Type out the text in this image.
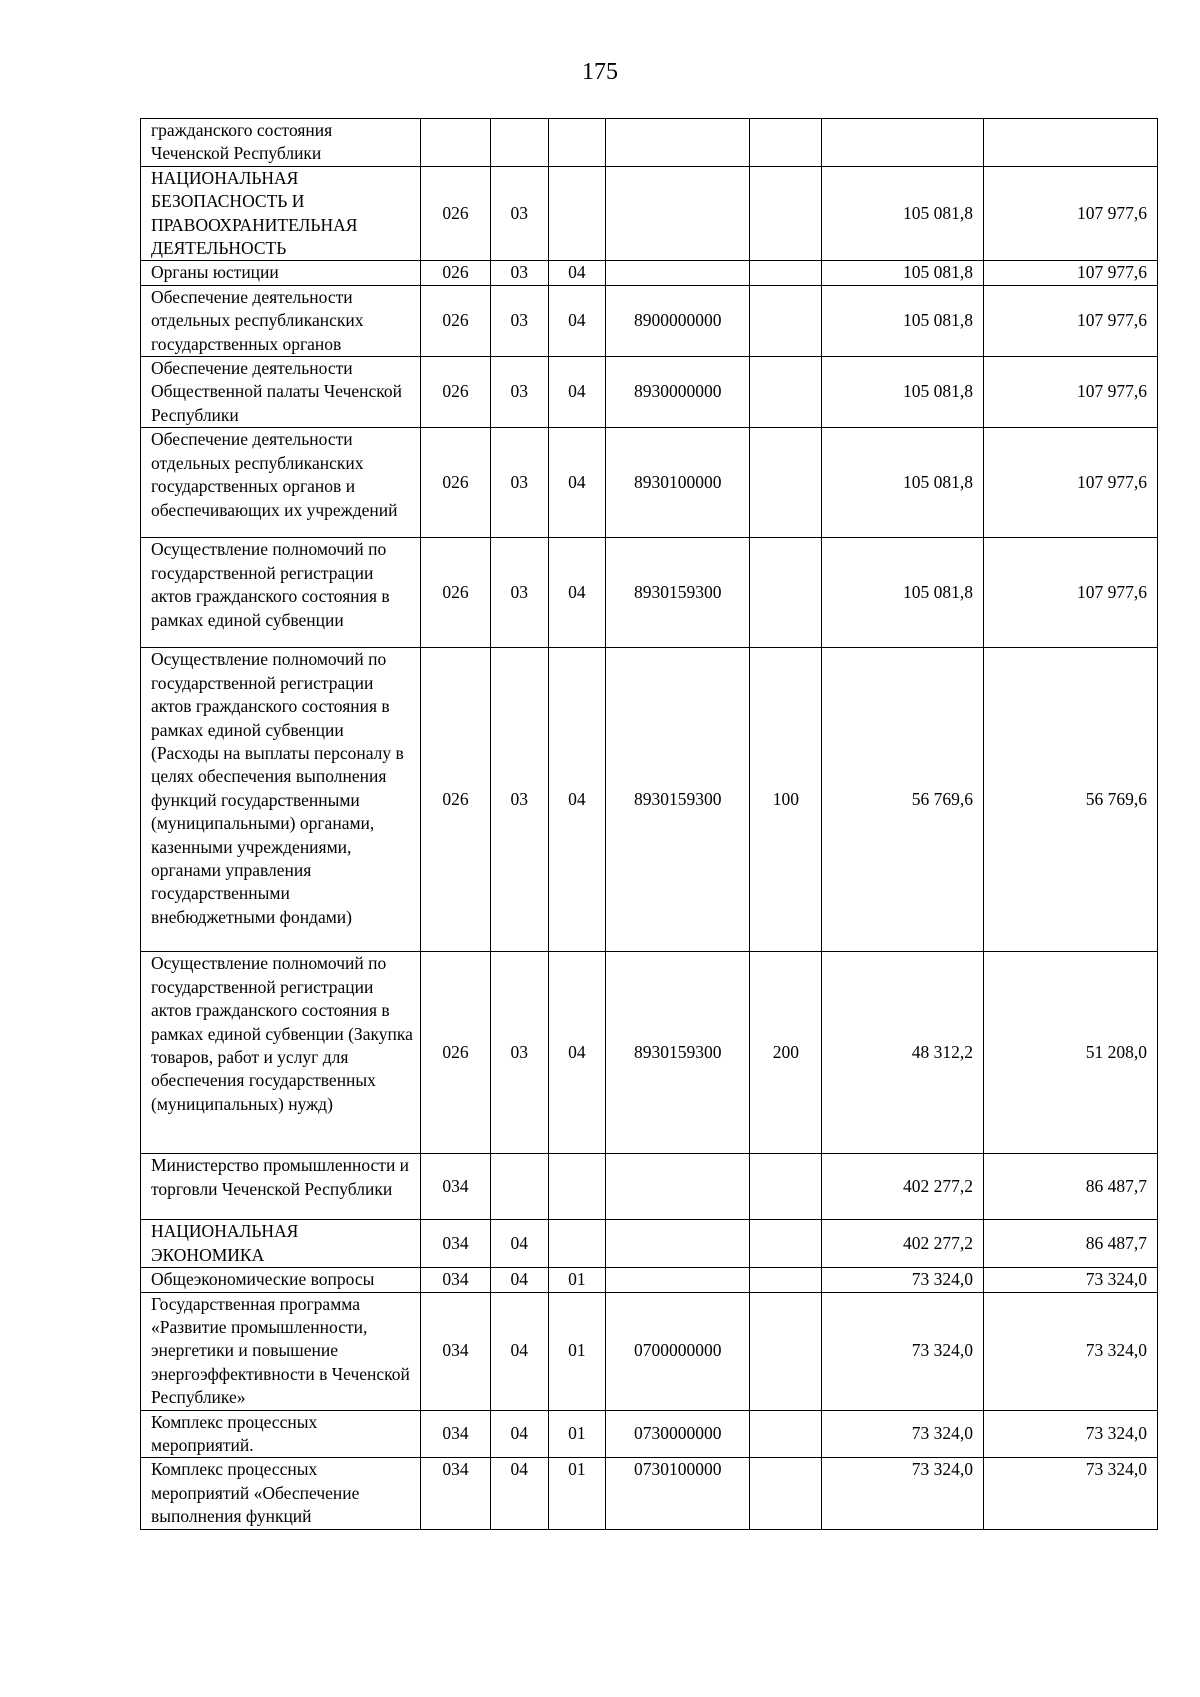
175
гражданского состояния Чеченской Республики							
НАЦИОНАЛЬНАЯ БЕЗОПАСНОСТЬ И ПРАВООХРАНИТЕЛЬНАЯ ДЕЯТЕЛЬНОСТЬ	026	03				105 081,8	107 977,6
Органы юстиции	026	03	04			105 081,8	107 977,6
Обеспечение деятельности отдельных республиканских государственных органов	026	03	04	8900000000		105 081,8	107 977,6
Обеспечение деятельности Общественной палаты Чеченской Республики	026	03	04	8930000000		105 081,8	107 977,6
Обеспечение деятельности отдельных республиканских государственных органов и обеспечивающих их учреждений	026	03	04	8930100000		105 081,8	107 977,6
Осуществление полномочий по государственной регистрации актов гражданского состояния в рамках единой субвенции	026	03	04	8930159300		105 081,8	107 977,6
Осуществление полномочий по государственной регистрации актов гражданского состояния в рамках единой субвенции (Расходы на выплаты персоналу в целях обеспечения выполнения функций государственными (муниципальными) органами, казенными учреждениями, органами управления государственными внебюджетными фондами)	026	03	04	8930159300	100	56 769,6	56 769,6
Осуществление полномочий по государственной регистрации актов гражданского состояния в рамках единой субвенции (Закупка товаров, работ и услуг для обеспечения государственных (муниципальных) нужд)	026	03	04	8930159300	200	48 312,2	51 208,0
Министерство промышленности и торговли Чеченской Республики	034					402 277,2	86 487,7
НАЦИОНАЛЬНАЯ ЭКОНОМИКА	034	04				402 277,2	86 487,7
Общеэкономические вопросы	034	04	01			73 324,0	73 324,0
Государственная программа «Развитие промышленности, энергетики и повышение энергоэффективности в Чеченской Республике»	034	04	01	0700000000		73 324,0	73 324,0
Комплекс процессных мероприятий.	034	04	01	0730000000		73 324,0	73 324,0
Комплекс процессных мероприятий «Обеспечение выполнения функций	034	04	01	0730100000		73 324,0	73 324,0
